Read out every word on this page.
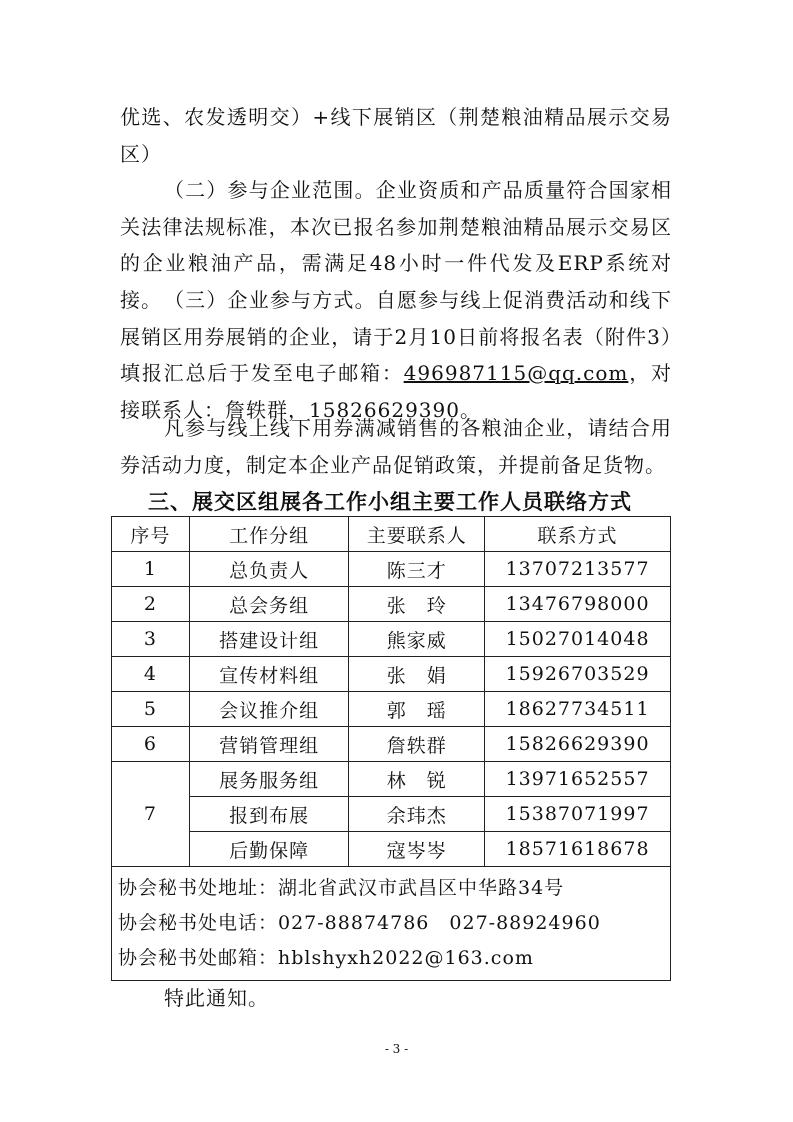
优选、农发透明交）+线下展销区（荆楚粮油精品展示交易区）
（二）参与企业范围。企业资质和产品质量符合国家相关法律法规标准，本次已报名参加荆楚粮油精品展示交易区的企业粮油产品，需满足48小时一件代发及ERP系统对接。 （三）企业参与方式。自愿参与线上促消费活动和线下展销区用券展销的企业，请于2月10日前将报名表（附件3）填报汇总后于发至电子邮箱：496987115@qq.com，对接联系人：詹轶群，15826629390。
凡参与线上线下用券满减销售的各粮油企业，请结合用券活动力度，制定本企业产品促销政策，并提前备足货物。
三、展交区组展各工作小组主要工作人员联络方式
序号	工作分组	主要联系人	联系方式
1	总负责人	陈三才	13707213577
2	总会务组	张　玲	13476798000
3	搭建设计组	熊家威	15027014048
4	宣传材料组	张　娟	15926703529
5	会议推介组	郭　瑶	18627734511
6	营销管理组	詹轶群	15826629390
7	展务服务组	林　锐	13971652557
	报到布展	余玮杰	15387071997
	后勤保障	寇岑岑	18571618678

协会秘书处地址：湖北省武汉市武昌区中华路34号
协会秘书处电话：027-88874786　027-88924960
协会秘书处邮箱：hblshyxh2022@163.com			
特此通知。
- 3 -
